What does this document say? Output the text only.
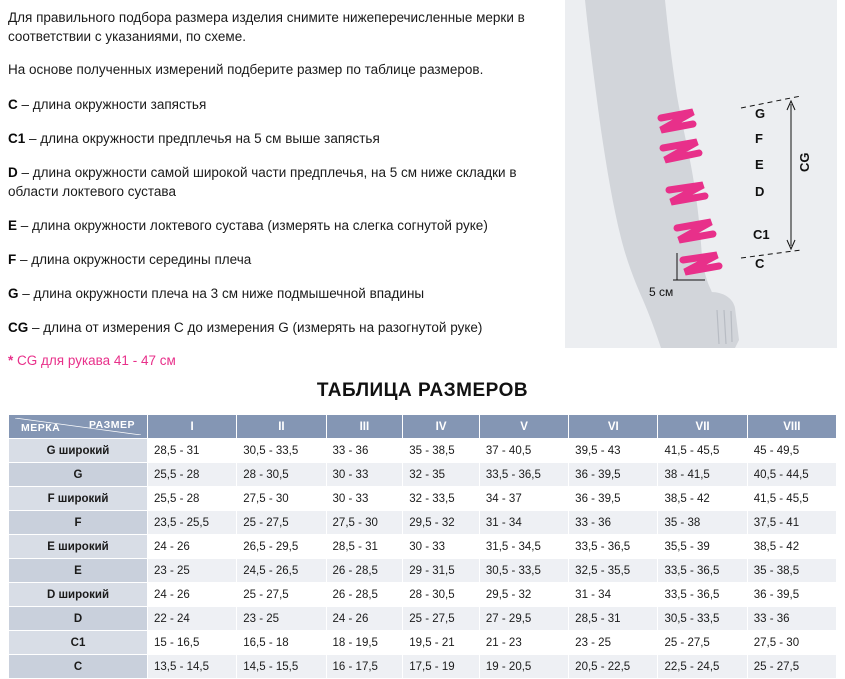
Для правильного подбора размера изделия снимите нижеперечисленные мерки в соответствии с указаниями, по схеме.

На основе полученных измерений подберите размер по таблице размеров.

C – длина окружности запястья

C1 – длина окружности предплечья на 5 см выше запястья

D – длина окружности самой широкой части предплечья, на 5 см ниже складки в области локтевого сустава

E – длина окружности локтевого сустава (измерять на слегка согнутой руке)

F – длина окружности середины плеча

G – длина окружности плеча на 3 см ниже подмышечной впадины

CG – длина от измерения C до измерения G (измерять на разогнутой руке)

* CG для рукава 41 - 47 см

G
F
E
D
C1
C
CG
5 см
ТАБЛИЦА РАЗМЕРОВ
РАЗМЕР
МЕРКА	I	II	III	IV	V	VI	VII	VIII
G широкий	28,5 - 31	30,5 - 33,5	33 - 36	35 - 38,5	37 - 40,5	39,5 - 43	41,5 - 45,5	45 - 49,5
G	25,5 - 28	28 - 30,5	30 - 33	32 - 35	33,5 - 36,5	36 - 39,5	38 - 41,5	40,5 - 44,5
F широкий	25,5 - 28	27,5 - 30	30 - 33	32 - 33,5	34 - 37	36 - 39,5	38,5 - 42	41,5 - 45,5
F	23,5 - 25,5	25 - 27,5	27,5 - 30	29,5 - 32	31 - 34	33 - 36	35 - 38	37,5 - 41
E широкий	24 - 26	26,5 - 29,5	28,5 - 31	30 - 33	31,5 - 34,5	33,5 - 36,5	35,5 - 39	38,5 - 42
E	23 - 25	24,5 - 26,5	26 - 28,5	29 - 31,5	30,5 - 33,5	32,5 - 35,5	33,5 - 36,5	35 - 38,5
D широкий	24 - 26	25 - 27,5	26 - 28,5	28 - 30,5	29,5 - 32	31 - 34	33,5 - 36,5	36 - 39,5
D	22 - 24	23 - 25	24 - 26	25 - 27,5	27 - 29,5	28,5 - 31	30,5 - 33,5	33 - 36
C1	15 - 16,5	16,5 - 18	18 - 19,5	19,5 - 21	21 - 23	23 - 25	25 - 27,5	27,5 - 30
C	13,5 - 14,5	14,5 - 15,5	16 - 17,5	17,5 - 19	19 - 20,5	20,5 - 22,5	22,5 - 24,5	25 - 27,5
